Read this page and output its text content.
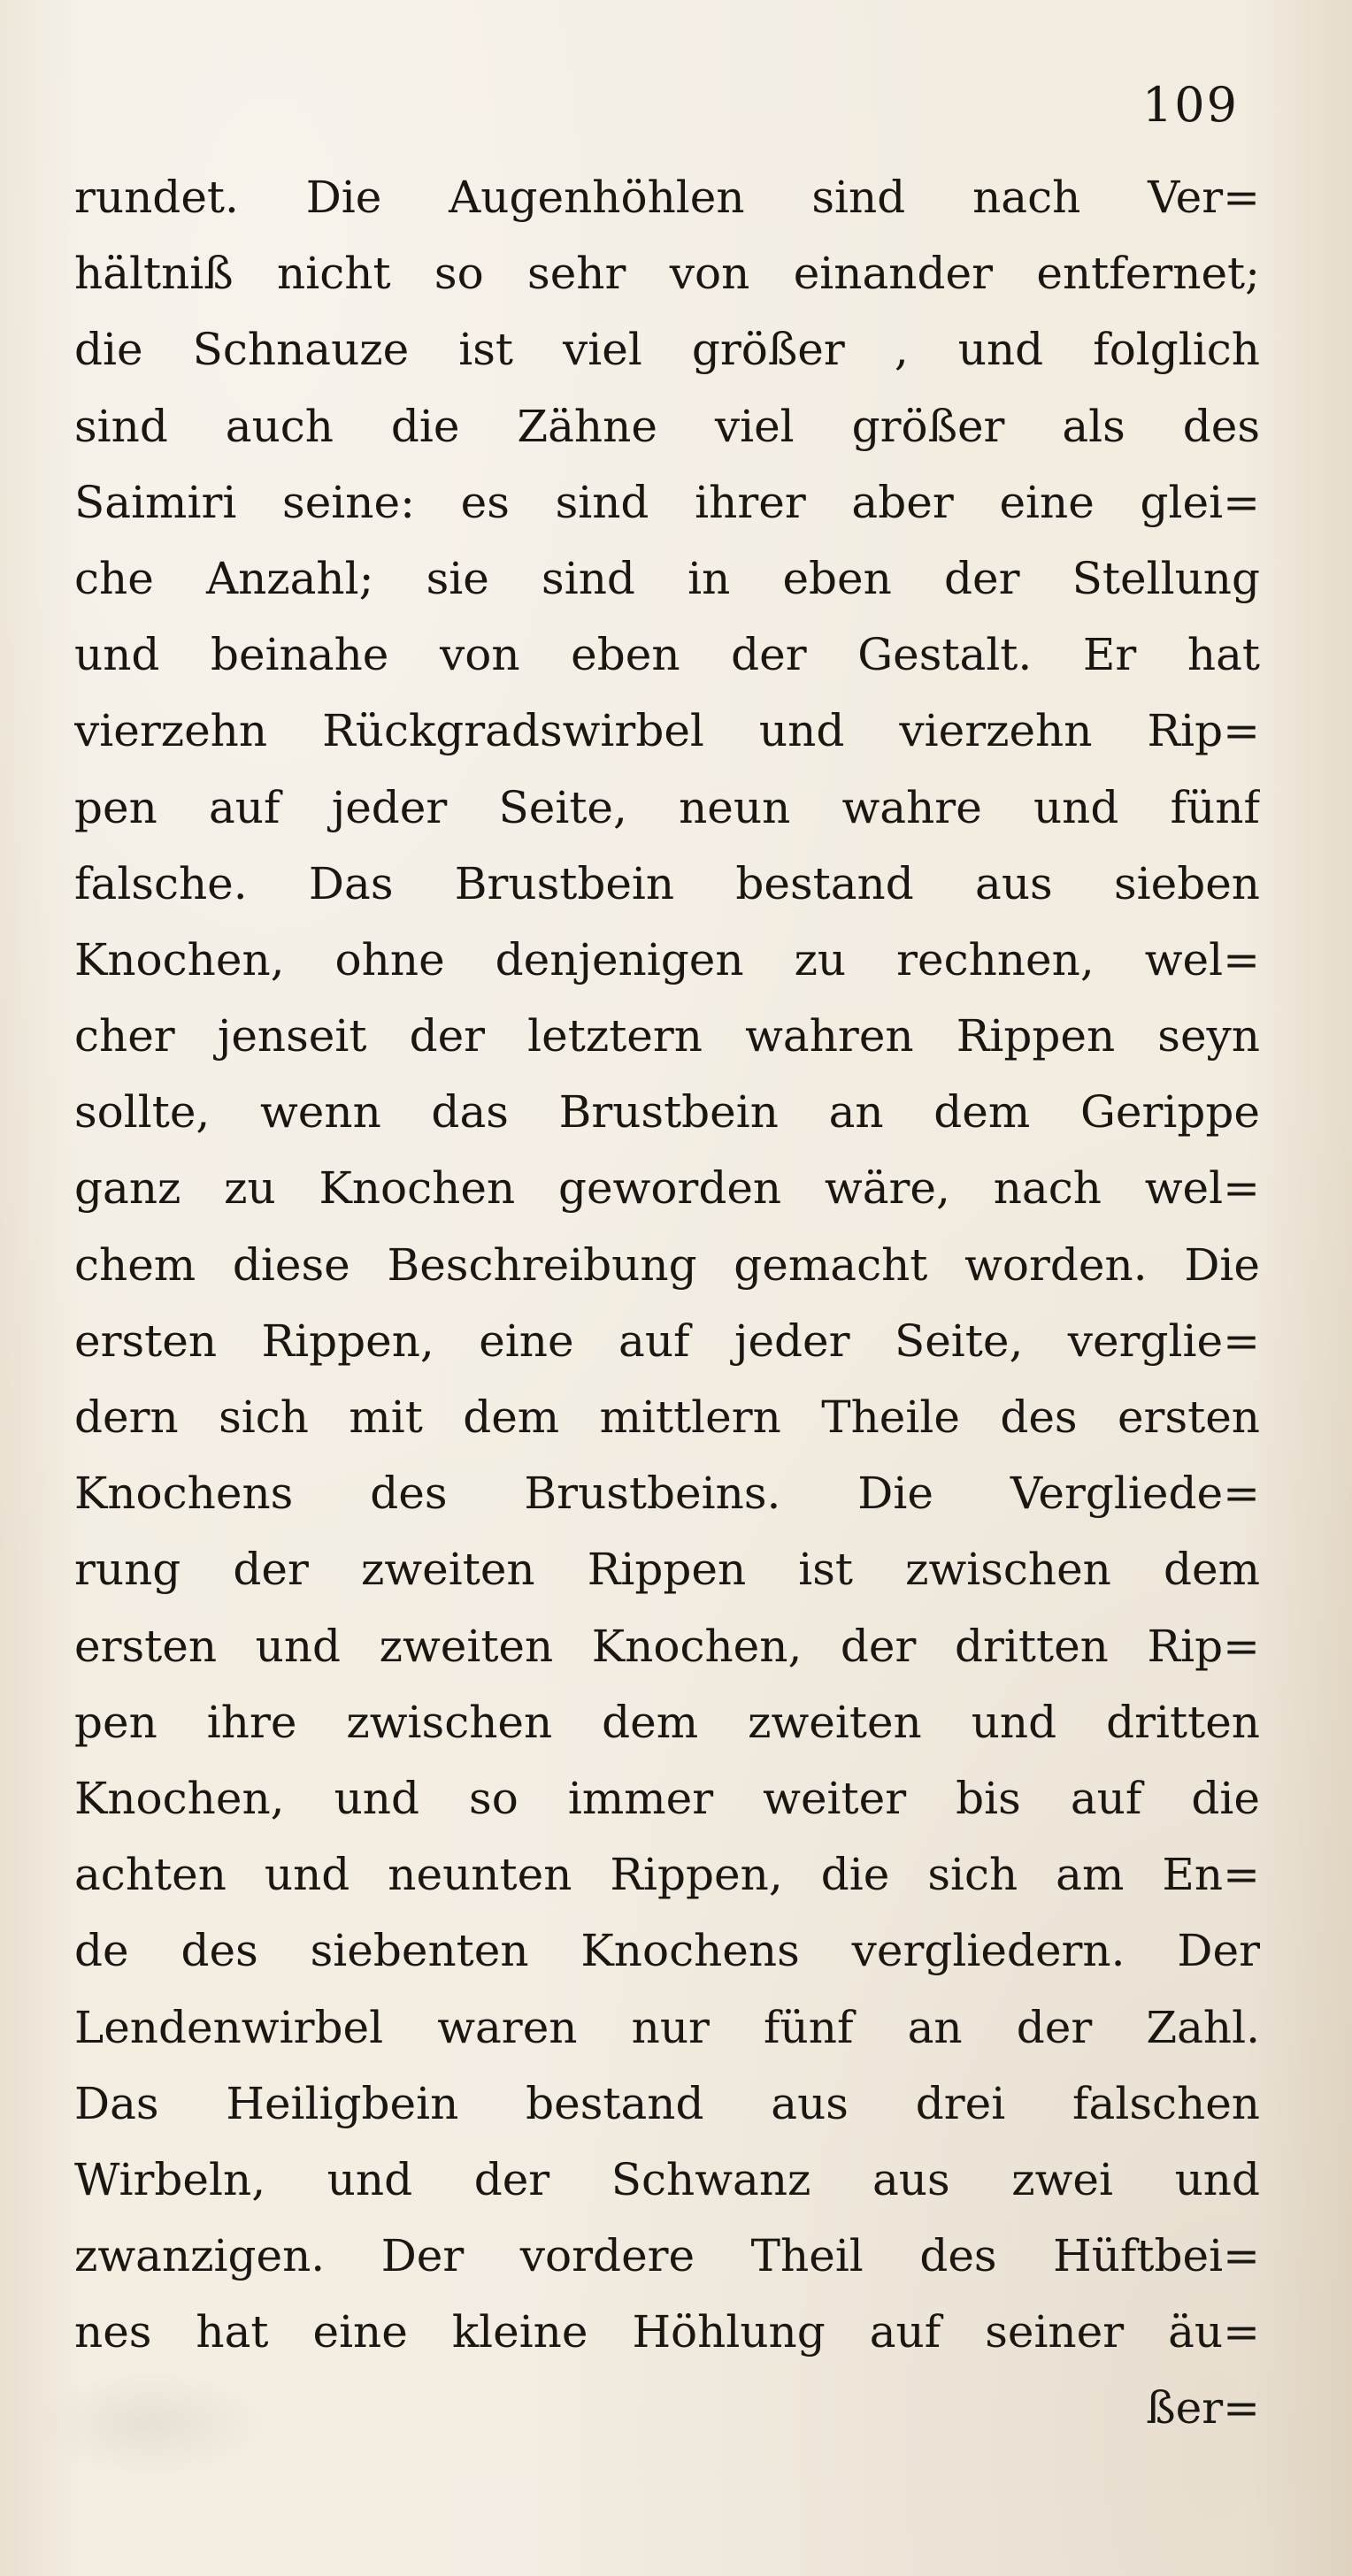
109
rundet. Die Augenhöhlen sind nach Ver=
hältniß nicht so sehr von einander entfernet;
die Schnauze ist viel größer , und folglich
sind auch die Zähne viel größer als des
Saimiri seine: es sind ihrer aber eine glei=
che Anzahl; sie sind in eben der Stellung
und beinahe von eben der Gestalt. Er hat
vierzehn Rückgradswirbel und vierzehn Rip=
pen auf jeder Seite, neun wahre und fünf
falsche. Das Brustbein bestand aus sieben
Knochen, ohne denjenigen zu rechnen, wel=
cher jenseit der letztern wahren Rippen seyn
sollte, wenn das Brustbein an dem Gerippe
ganz zu Knochen geworden wäre, nach wel=
chem diese Beschreibung gemacht worden. Die
ersten Rippen, eine auf jeder Seite, verglie=
dern sich mit dem mittlern Theile des ersten
Knochens des Brustbeins. Die Vergliede=
rung der zweiten Rippen ist zwischen dem
ersten und zweiten Knochen, der dritten Rip=
pen ihre zwischen dem zweiten und dritten
Knochen, und so immer weiter bis auf die
achten und neunten Rippen, die sich am En=
de des siebenten Knochens vergliedern. Der
Lendenwirbel waren nur fünf an der Zahl.
Das Heiligbein bestand aus drei falschen
Wirbeln, und der Schwanz aus zwei und
zwanzigen. Der vordere Theil des Hüftbei=
nes hat eine kleine Höhlung auf seiner äu=
ßer=
